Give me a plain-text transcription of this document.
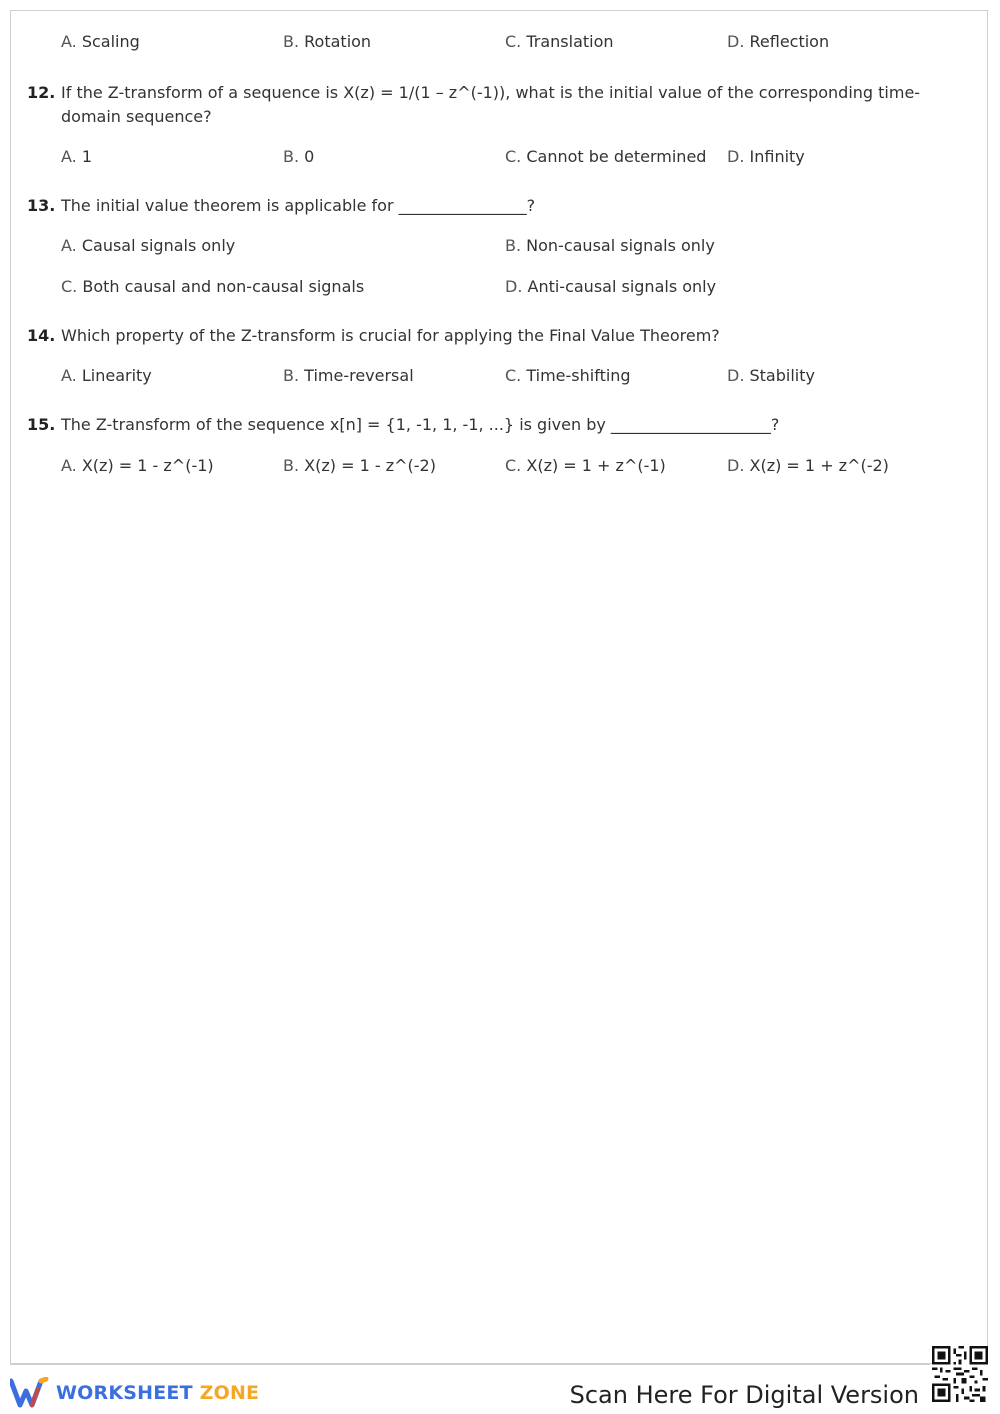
A. Scaling	B. Rotation	C. Translation	D. Reflection
12. If the Z-transform of a sequence is X(z) = 1/(1 – z^(-1)), what is the initial value of the corresponding time-domain sequence?
A. 1	B. 0	C. Cannot be determined D. Infinity
13. The initial value theorem is applicable for ________________?
A. Causal signals only	B. Non-causal signals only
C. Both causal and non-causal signals	D. Anti-causal signals only
14. Which property of the Z-transform is crucial for applying the Final Value Theorem?
A. Linearity	B. Time-reversal	C. Time-shifting	D. Stability
15. The Z-transform of the sequence x[n] = {1, -1, 1, -1, ...} is given by ____________________?
A. X(z) = 1 - z^(-1)	B. X(z) = 1 - z^(-2)	C. X(z) = 1 + z^(-1)	D. X(z) = 1 + z^(-2)
WORKSHEET ZONE	Scan Here For Digital Version
